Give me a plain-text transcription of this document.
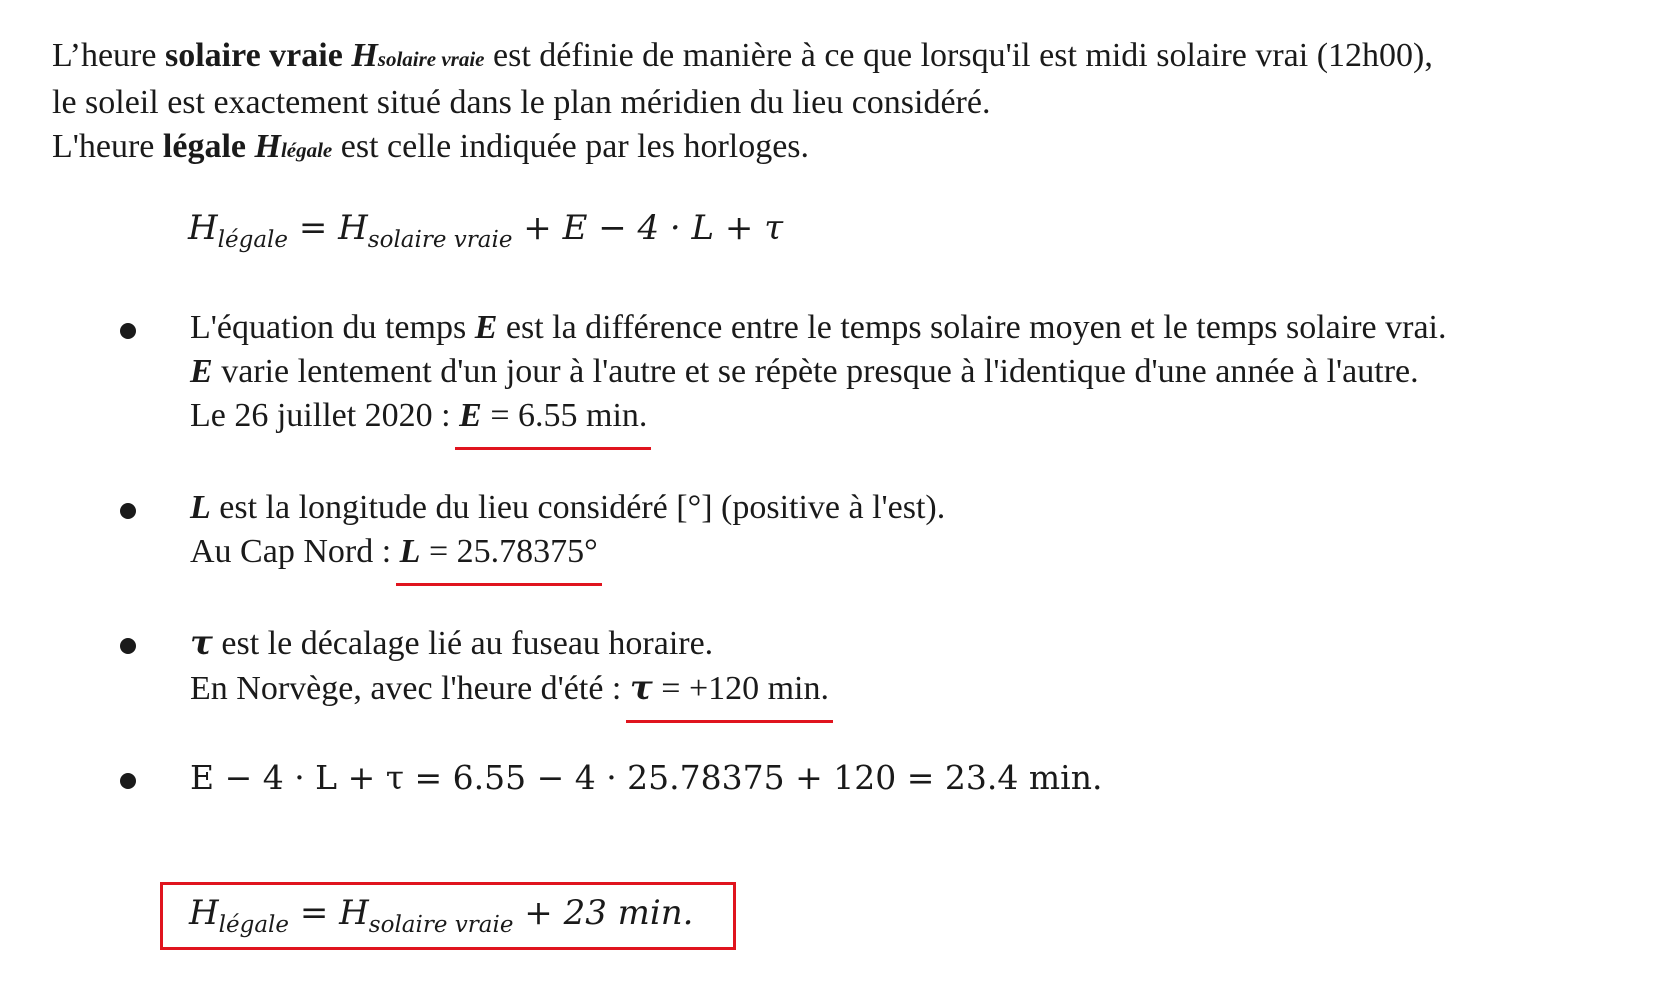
L’heure solaire vraie Hsolaire vraie est définie de manière à ce que lorsqu'il est midi solaire vrai (12h00),

le soleil est exactement situé dans le plan méridien du lieu considéré.

L'heure légale Hlégale est celle indiquée par les horloges.

$H_{légale} = H_{solaire vraie} + E - 4 \cdot L + \tau$

L'équation du temps E est la différence entre le temps solaire moyen et le temps solaire vrai.

E varie lentement d'un jour à l'autre et se répète presque à l'identique d'une année à l'autre.

Le 26 juillet 2020 : E = 6.55 min.

L est la longitude du lieu considéré [°] (positive à l'est).

Au Cap Nord : L = 25.78375°

τ est le décalage lié au fuseau horaire.

En Norvège, avec l'heure d'été : τ = +120 min.

E − 4 · L + τ = 6.55 − 4 · 25.78375 + 120 = 23.4 min.

$H_{légale} = H_{solaire vraie} + 23$ min.
